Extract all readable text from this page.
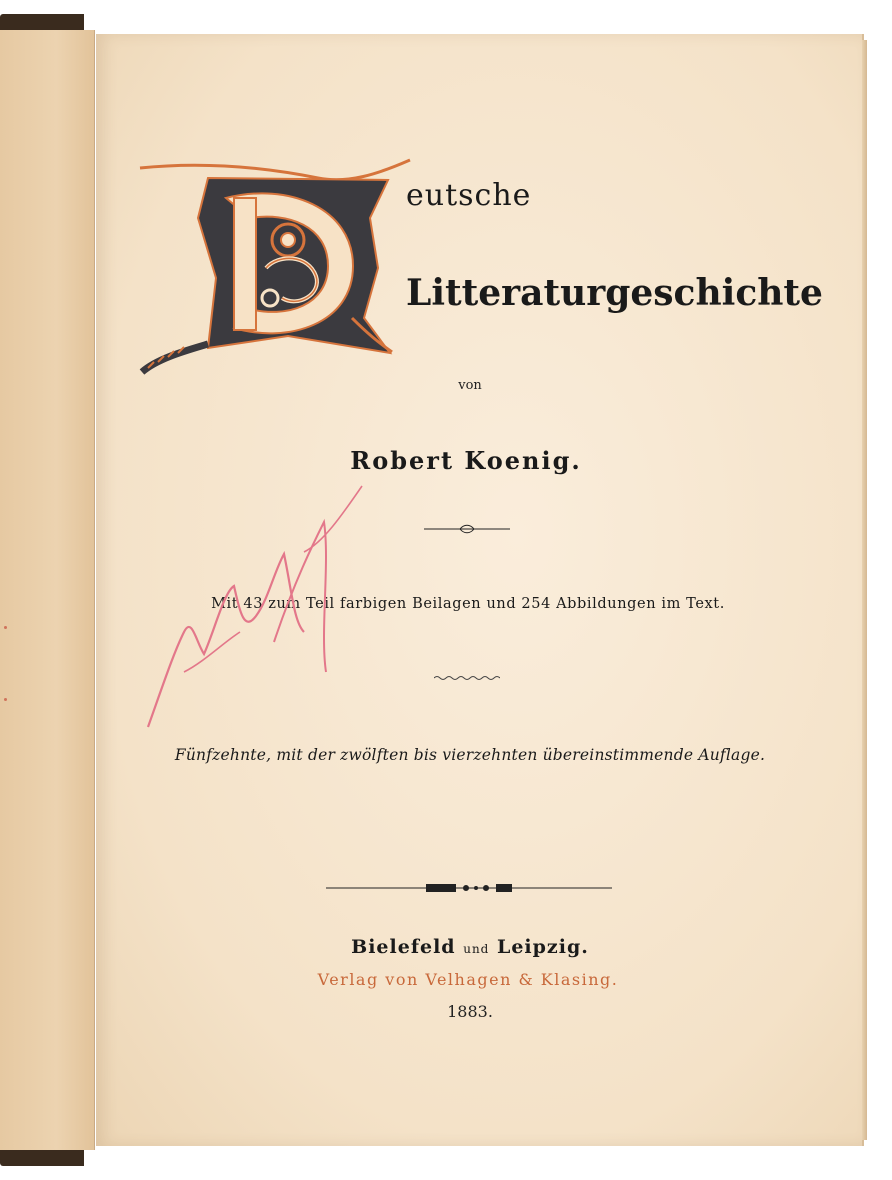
eutsche
Litteraturgeschichte
von
Robert Koenig.
Mit 43 zum Teil farbigen Beilagen und 254 Abbildungen im Text.
Fünfzehnte, mit der zwölften bis vierzehnten übereinstimmende Auflage.
Bielefeld und Leipzig.
Verlag von Velhagen & Klasing.
1883.
